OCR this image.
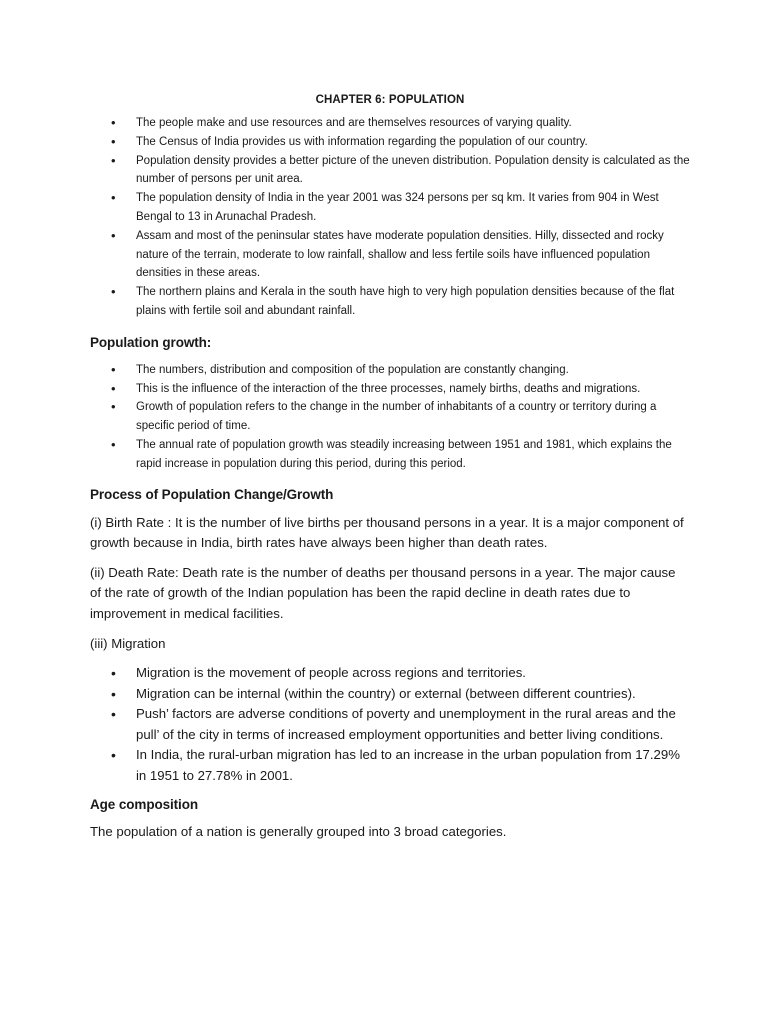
CHAPTER 6: POPULATION
• The people make and use resources and are themselves resources of varying quality.
• The Census of India provides us with information regarding the population of our country.
• Population density provides a better picture of the uneven distribution. Population density is calculated as the number of persons per unit area.
• The population density of India in the year 2001 was 324 persons per sq km. It varies from 904 in West Bengal to 13 in Arunachal Pradesh.
• Assam and most of the peninsular states have moderate population densities. Hilly, dissected and rocky nature of the terrain, moderate to low rainfall, shallow and less fertile soils have influenced population densities in these areas.
• The northern plains and Kerala in the south have high to very high population densities because of the flat plains with fertile soil and abundant rainfall.
Population growth:
• The numbers, distribution and composition of the population are constantly changing.
• This is the influence of the interaction of the three processes, namely births, deaths and migrations.
• Growth of population refers to the change in the number of inhabitants of a country or territory during a specific period of time.
• The annual rate of population growth was steadily increasing between 1951 and 1981, which explains the rapid increase in population during this period, during this period.
Process of Population Change/Growth

(i) Birth Rate : It is the number of live births per thousand persons in a year. It is a major component of growth because in India, birth rates have always been higher than death rates.

(ii) Death Rate: Death rate is the number of deaths per thousand persons in a year. The major cause of the rate of growth of the Indian population has been the rapid decline in death rates due to improvement in medical facilities.

(iii) Migration

• Migration is the movement of people across regions and territories.
• Migration can be internal (within the country) or external (between different countries).
• Push’ factors are adverse conditions of poverty and unemployment in the rural areas and the pull’ of the city in terms of increased employment opportunities and better living conditions.
• In India, the rural-urban migration has led to an increase in the urban population from 17.29% in 1951 to 27.78% in 2001.
Age composition

The population of a nation is generally grouped into 3 broad categories.
